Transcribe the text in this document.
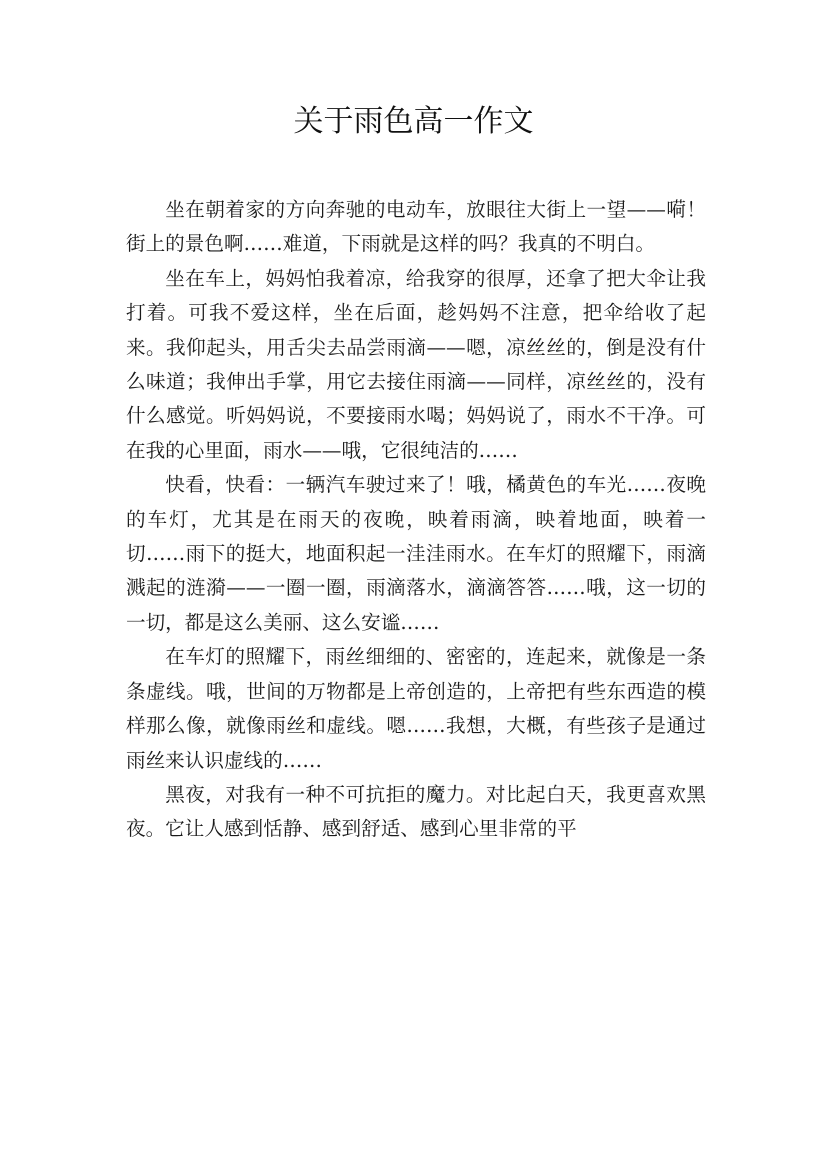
关于雨色高一作文

坐在朝着家的方向奔驰的电动车，放眼往大街上一望——嗬！街上的景色啊……难道，下雨就是这样的吗？我真的不明白。

坐在车上，妈妈怕我着凉，给我穿的很厚，还拿了把大伞让我打着。可我不爱这样，坐在后面，趁妈妈不注意，把伞给收了起来。我仰起头，用舌尖去品尝雨滴——嗯，凉丝丝的，倒是没有什么味道；我伸出手掌，用它去接住雨滴——同样，凉丝丝的，没有什么感觉。听妈妈说，不要接雨水喝；妈妈说了，雨水不干净。可在我的心里面，雨水——哦，它很纯洁的……

快看，快看：一辆汽车驶过来了！哦，橘黄色的车光……夜晚的车灯，尤其是在雨天的夜晚，映着雨滴，映着地面，映着一切……雨下的挺大，地面积起一洼洼雨水。在车灯的照耀下，雨滴溅起的涟漪——一圈一圈，雨滴落水，滴滴答答……哦，这一切的一切，都是这么美丽、这么安谧……

在车灯的照耀下，雨丝细细的、密密的，连起来，就像是一条条虚线。哦，世间的万物都是上帝创造的，上帝把有些东西造的模样那么像，就像雨丝和虚线。嗯……我想，大概，有些孩子是通过雨丝来认识虚线的……

黑夜，对我有一种不可抗拒的魔力。对比起白天，我更喜欢黑夜。它让人感到恬静、感到舒适、感到心里非常的平
